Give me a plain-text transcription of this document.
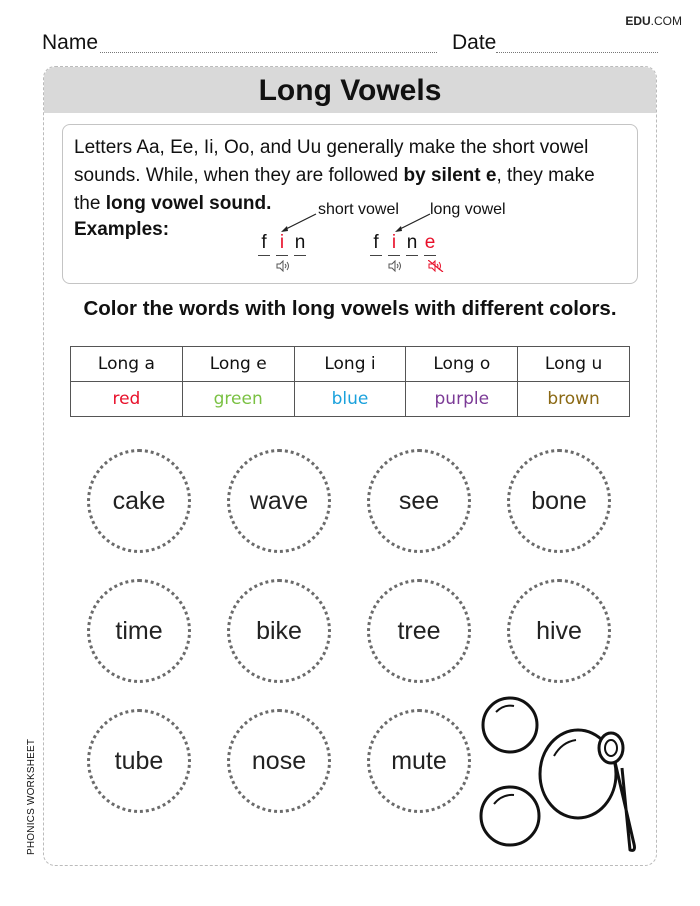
EDU.COM
Name	Date
PHONICS WORKSHEET
Long Vowels
Letters Aa, Ee, Ii, Oo, and Uu generally make the short vowel
sounds. While, when they are followed by silent e, they make
the long vowel sound.
Examples:
short vowel long vowel
f i n	f i n e
Color the words with long vowels with different colors.
Long a	Long e	Long i	Long o	Long u
red	green	blue	purple	brown
cake	wave	see	bone
time	bike	tree	hive
tube	nose	mute
